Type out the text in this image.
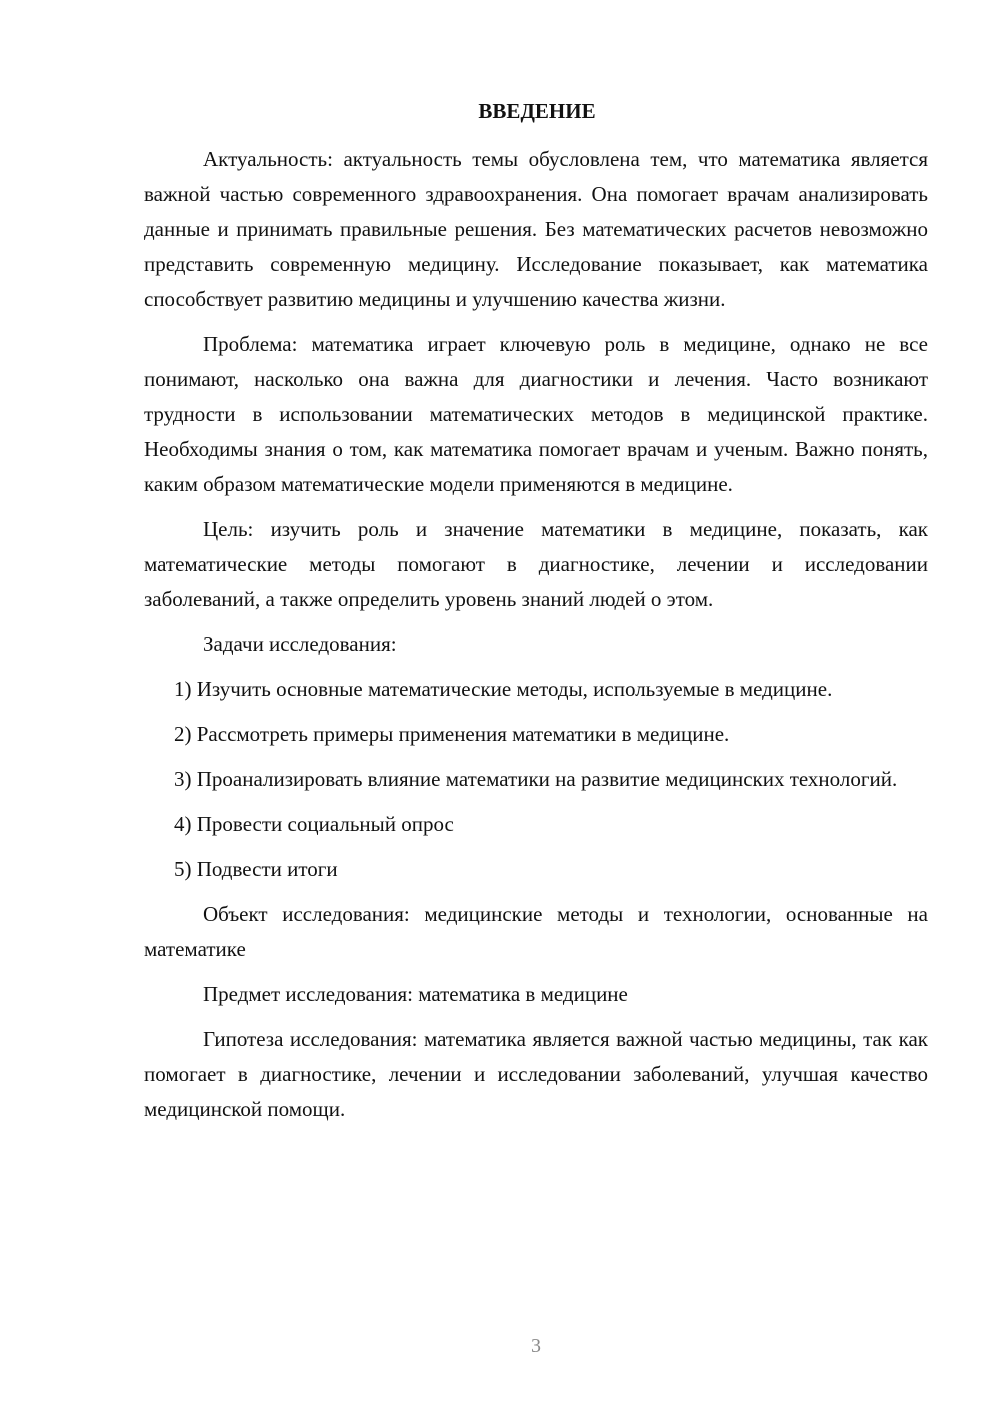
ВВЕДЕНИЕ

Актуальность: актуальность темы обусловлена тем, что математика является важной частью современного здравоохранения. Она помогает врачам анализировать данные и принимать правильные решения. Без математических расчетов невозможно представить современную медицину. Исследование показывает, как математика способствует развитию медицины и улучшению качества жизни.

Проблема: математика играет ключевую роль в медицине, однако не все понимают, насколько она важна для диагностики и лечения. Часто возникают трудности в использовании математических методов в медицинской практике. Необходимы знания о том, как математика помогает врачам и ученым. Важно понять, каким образом математические модели применяются в медицине.

Цель: изучить роль и значение математики в медицине, показать, как математические методы помогают в диагностике, лечении и исследовании заболеваний, а также определить уровень знаний людей о этом.

Задачи исследования:

1) Изучить основные математические методы, используемые в медицине.

2) Рассмотреть примеры применения математики в медицине.

3) Проанализировать влияние математики на развитие медицинских технологий.

4) Провести социальный опрос

5) Подвести итоги

Объект исследования: медицинские методы и технологии, основанные на математике

Предмет исследования: математика в медицине

Гипотеза исследования: математика является важной частью медицины, так как помогает в диагностике, лечении и исследовании заболеваний, улучшая качество медицинской помощи.

3
